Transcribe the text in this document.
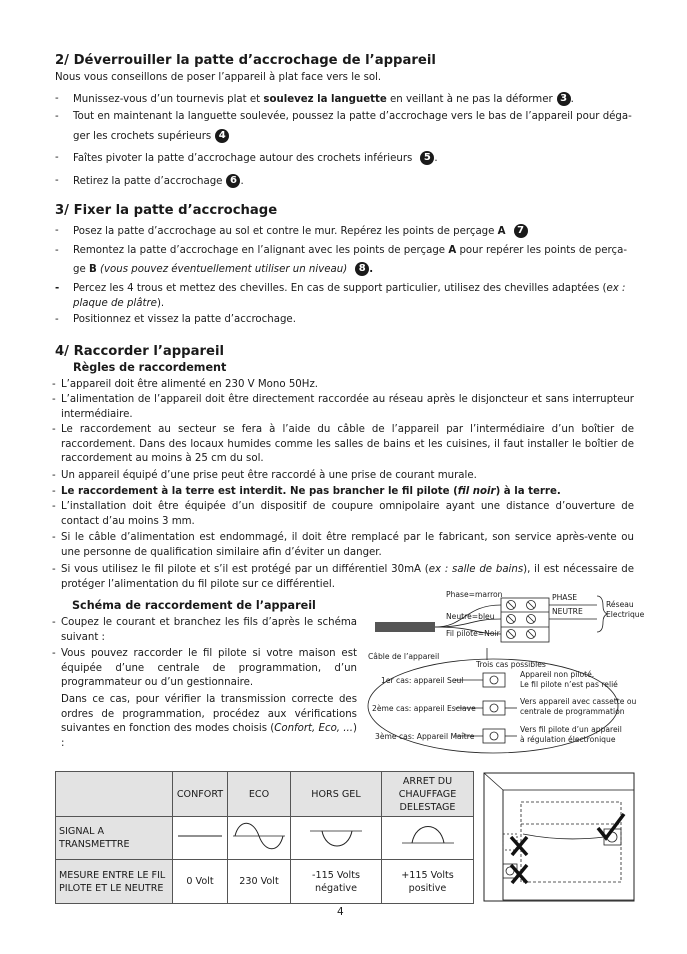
2/ Déverrouiller la patte d’accrochage de l’appareil
Nous vous conseillons de poser l’appareil à plat face vers le sol.
-	Munissez-vous d’un tournevis plat et soulevez la languette en veillant à ne pas la déformer 3 .
-	Tout en maintenant la languette soulevée, poussez la patte d’accrochage vers le bas de l’appareil pour déga-
ger les crochets supérieurs 4
-	Faîtes pivoter la patte d’accrochage autour des crochets inférieurs 5 .
-	Retirez la patte d’accrochage 6 .
3/ Fixer la patte d’accrochage
-	Posez la patte d’accrochage au sol et contre le mur. Repérez les points de perçage A 7
-	Remontez la patte d’accrochage en l’alignant avec les points de perçage A pour repérer les points de perça-
ge B (vous pouvez éventuellement utiliser un niveau) 8 .
-	Percez les 4 trous et mettez des chevilles. En cas de support particulier, utilisez des chevilles adaptées (ex :
plaque de plâtre).
-	Positionnez et vissez la patte d’accrochage.
4/ Raccorder l’appareil
Règles de raccordement
- L’appareil doit être alimenté en 230 V Mono 50Hz.
- L’alimentation de l’appareil doit être directement raccordée au réseau après le disjoncteur et sans interrupteur intermédiaire.
- Le raccordement au secteur se fera à l’aide du câble de l’appareil par l’intermédiaire d’un boîtier de raccordement. Dans des locaux humides comme les salles de bains et les cuisines, il faut installer le boîtier de raccordement au moins à 25 cm du sol.
- Un appareil équipé d’une prise peut être raccordé à une prise de courant murale.
- Le raccordement à la terre est interdit. Ne pas brancher le fil pilote (fil noir) à la terre.
- L’installation doit être équipée d’un dispositif de coupure omnipolaire ayant une distance d’ouverture de contact d’au moins 3 mm.
- Si le câble d’alimentation est endommagé, il doit être remplacé par le fabricant, son service après-vente ou une personne de qualification similaire afin d’éviter un danger.
- Si vous utilisez le fil pilote et s’il est protégé par un différentiel 30mA (ex : salle de bains), il est nécessaire de protéger l’alimentation du fil pilote sur ce différentiel.
Schéma de raccordement de l’appareil
- Coupez le courant et branchez les fils d’après le schéma suivant :
- Vous pouvez raccorder le fil pilote si votre maison est équipée d’une centrale de programmation, d’un programmateur ou d’un gestionnaire.
Dans ce cas, pour vérifier la transmission correcte des ordres de programmation, procédez aux vérifications suivantes en fonction des modes choisis (Confort, Eco, ...) :
Phase=marron
Neutre=bleu
Fil pilote=Noir
PHASE
NEUTRE
Réseau
Electrique
Câble de l’appareil
Trois cas possibles
1er cas: appareil Seul
2ème cas: appareil Esclave
3ème cas: Appareil Maître
Appareil non piloté.
Le fil pilote n’est pas relié
Vers appareil avec cassette ou
centrale de programmation
Vers fil pilote d’un appareil
à régulation électronique
	CONFORT	ECO	HORS GEL	ARRET DU CHAUFFAGE DELESTAGE
SIGNAL A TRANSMETTRE				
MESURE ENTRE LE FIL PILOTE ET LE NEUTRE	0 Volt	230 Volt	-115 Volts négative	+115 Volts positive
4
